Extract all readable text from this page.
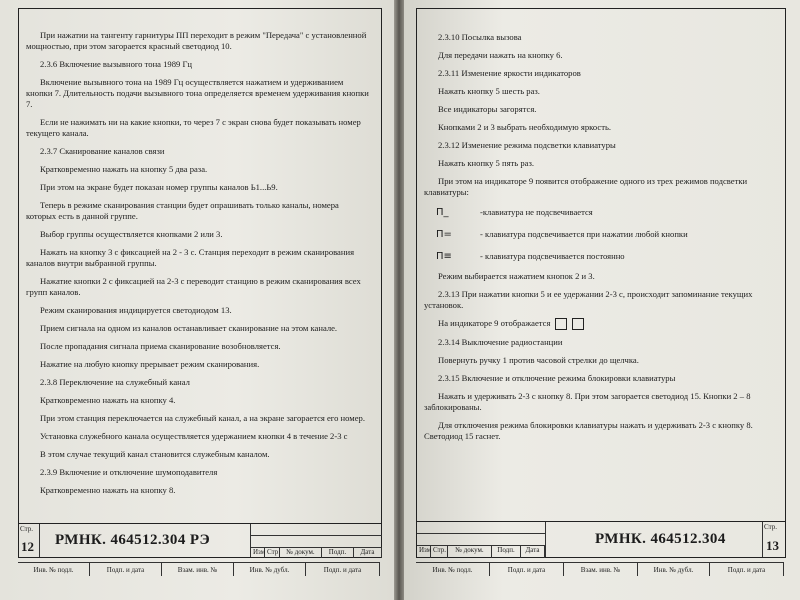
При нажатии на тангенту гарнитуры ПП переходит в режим "Передача" с установленной мощностью, при этом загорается красный светодиод 10.

2.3.6 Включение вызывного тона 1989 Гц

Включение вызывного тона на 1989 Гц осуществляется нажатием и удерживанием кнопки 7. Длительность подачи вызывного тона определяется временем удерживания кнопки 7.

Если не нажимать ни на какие кнопки, то через 7 с экран снова будет показывать номер текущего канала.

2.3.7 Сканирование каналов связи

Кратковременно нажать на кнопку 5 два раза.

При этом на экране будет показан номер группы каналов Ь1...Ь9.

Теперь в режиме сканирования станции будет опрашивать только каналы, номера которых есть в данной группе.

Выбор группы осуществляется кнопками 2 или 3.

Нажать на кнопку 3 с фиксацией на 2 - 3 с. Станция переходит в режим сканирования каналов внутри выбранной группы.

Нажатие кнопки 2 с фиксацией на 2-3 с переводит станцию в режим сканирования всех групп каналов.

Режим сканирования индицируется светодиодом 13.

Прием сигнала на одном из каналов останавливает сканирование на этом канале.

После пропадания сигнала приема сканирование возобновляется.

Нажатие на любую кнопку прерывает режим сканирования.

2.3.8 Переключение на служебный канал

Кратковременно нажать на кнопку 4.

При этом станция переключается на служебный канал, а на экране загорается его номер.

Установка служебного канала осуществляется удержанием кнопки 4 в течение 2-3 с

В этом случае текущий канал становится служебным каналом.

2.3.9 Включение и отключение шумоподавителя

Кратковременно нажать на кнопку 8.

Стр.
12 РМНК. 464512.304 РЭ
Изм Стр	№ докум.	Подп.	Дата
Инв. № подл.	Подп. и дата	Взам. инв. №	Инв. № дубл.	Подп. и дата

2.3.10 Посылка вызова

Для передачи нажать на кнопку 6.

2.3.11 Изменение яркости индикаторов

Нажать кнопку 5 шесть раз.

Все индикаторы загорятся.

Кнопками 2 и 3 выбрать необходимую яркость.

2.3.12 Изменение режима подсветки клавиатуры

Нажать кнопку 5 пять раз.

При этом на индикаторе 9 появится отображение одного из трех режимов подсветки клавиатуры:

П_	-клавиатура не подсвечивается
П=	- клавиатура подсвечивается при нажатии любой кнопки
П≡	- клавиатура подсвечивается постоянно

Режим выбирается нажатием кнопок 2 и 3.

2.3.13 При нажатии кнопки 5 и ее удержании 2-3 с, происходит запоминание текущих установок.

На индикаторе 9 отображается

2.3.14 Выключение радиостанции

Повернуть ручку 1 против часовой стрелки до щелчка.

2.3.15 Включение и отключение режима блокировки клавиатуры

Нажать и удерживать 2-3 с кнопку 8. При этом загорается светодиод 15. Кнопки 2 – 8 заблокированы.

Для отключения режима блокировки клавиатуры нажать и удерживать 2-3 с кнопку 8. Светодиод 15 гаснет.

Изм Стр.	№ докум.	Подп.	Дата
РМНК. 464512.304
Стр.
13
Инв. № подл.	Подп. и дата	Взам. инв. №	Инв. № дубл.	Подп. и дата
